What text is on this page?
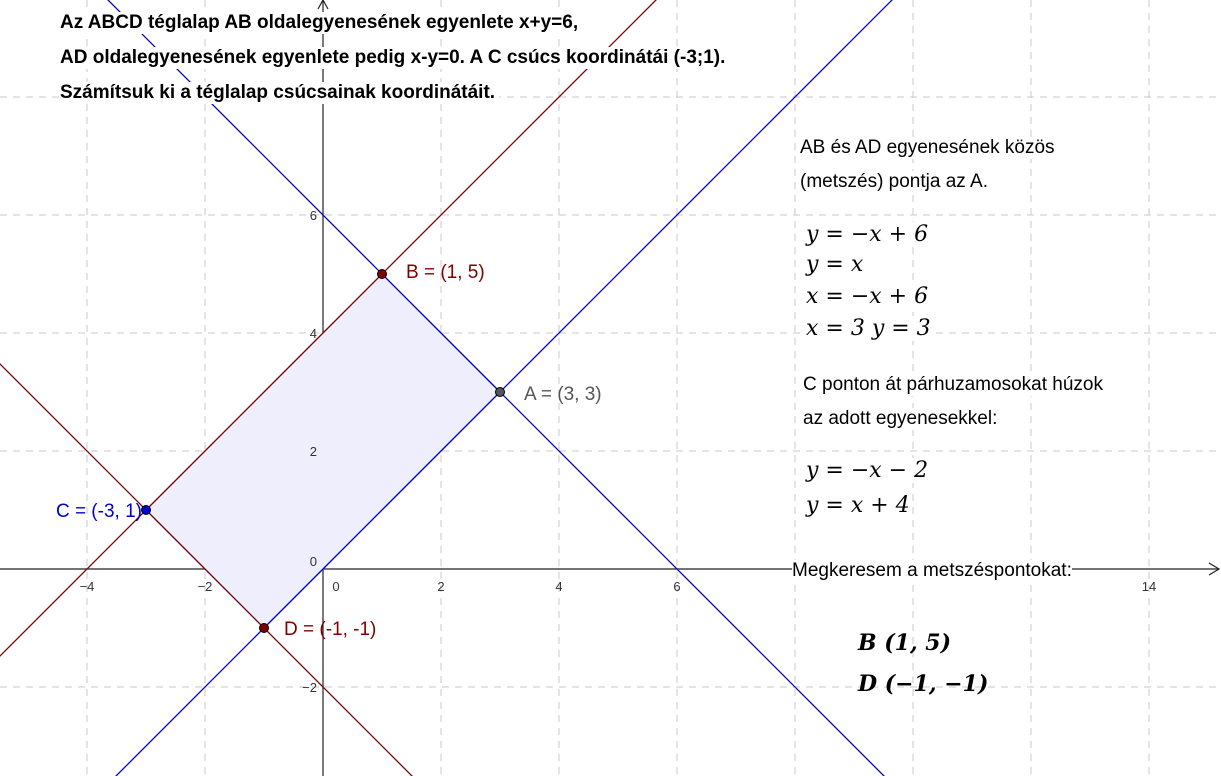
−4	−2	0	2	4	6	14
−2
0
2
4
6
A = (3, 3)
B = (1, 5)
C = (-3, 1)
D = (-1, -1)
Az ABCD téglalap AB oldalegyenesének egyenlete x+y=6,
AD oldalegyenesének egyenlete pedig x-y=0. A C csúcs koordinátái (-3;1).
Számítsuk ki a téglalap csúcsainak koordinátáit.
AB és AD egyenesének közös
(metszés) pontja az A.
y = −x + 6
y = x
x = −x + 6
x = 3 y = 3
C ponton át párhuzamosokat húzok
az adott egyenesekkel:
y = −x − 2
y = x + 4
Megkeresem a metszéspontokat:
B (1, 5)
D (−1, −1)
